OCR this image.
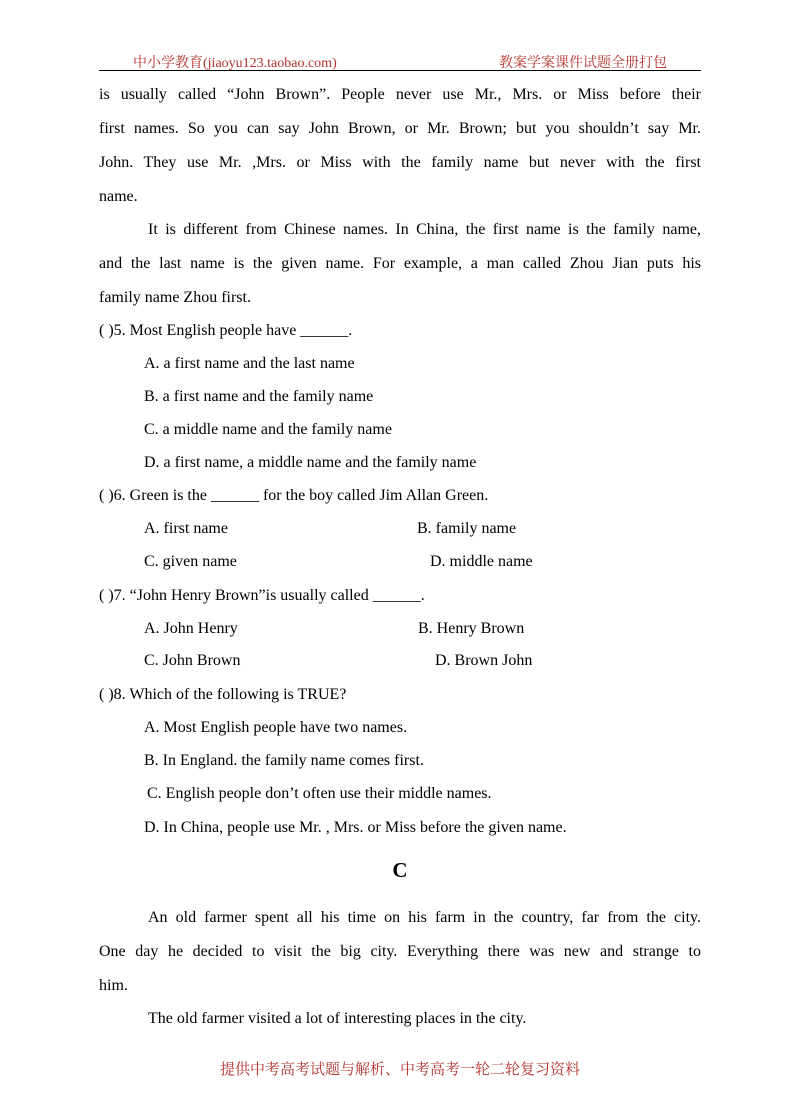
中小学教育(jiaoyu123.taobao.com)	教案学案课件试题全册打包
is usually called “John Brown”. People never use Mr., Mrs. or Miss before their
first names. So you can say John Brown, or Mr. Brown; but you shouldn’t say Mr.
John. They use Mr. ,Mrs. or Miss with the family name but never with the first
name.
It is different from Chinese names. In China, the first name is the family name,
and the last name is the given name. For example, a man called Zhou Jian puts his
family name Zhou first.
( )5. Most English people have ______.
A. a first name and the last name
B. a first name and the family name
C. a middle name and the family name
D. a first name, a middle name and the family name
( )6. Green is the ______ for the boy called Jim Allan Green.
A. first name	B. family name
C. given name	D. middle name
( )7. “John Henry Brown”is usually called ______.
A. John Henry	B. Henry Brown
C. John Brown	D. Brown John
( )8. Which of the following is TRUE?
A. Most English people have two names.
B. In England. the family name comes first.
C. English people don’t often use their middle names.
D. In China, people use Mr. , Mrs. or Miss before the given name.
C
An old farmer spent all his time on his farm in the country, far from the city.
One day he decided to visit the big city. Everything there was new and strange to
him.
The old farmer visited a lot of interesting places in the city.
提供中考高考试题与解析、中考高考一轮二轮复习资料
